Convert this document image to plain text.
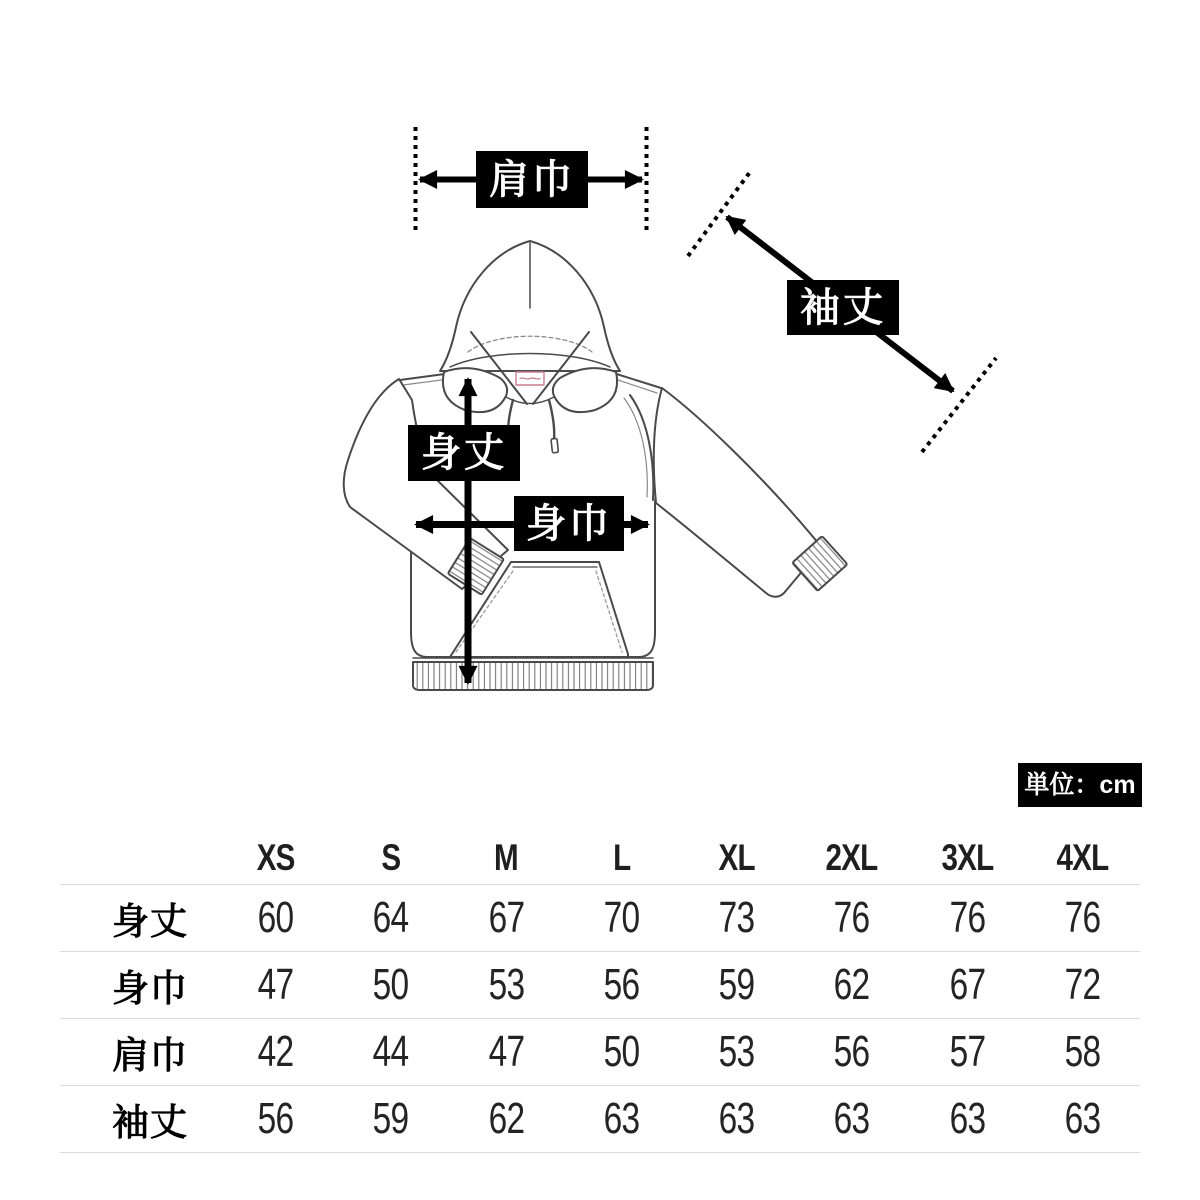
肩巾
袖丈
身丈
身巾
単位：cm
XS	S	M	L	XL	2XL	3XL	4XL
身丈	60	64	67	70	73	76	76	76
身巾	47	50	53	56	59	62	67	72
肩巾	42	44	47	50	53	56	57	58
袖丈	56	59	62	63	63	63	63	63
